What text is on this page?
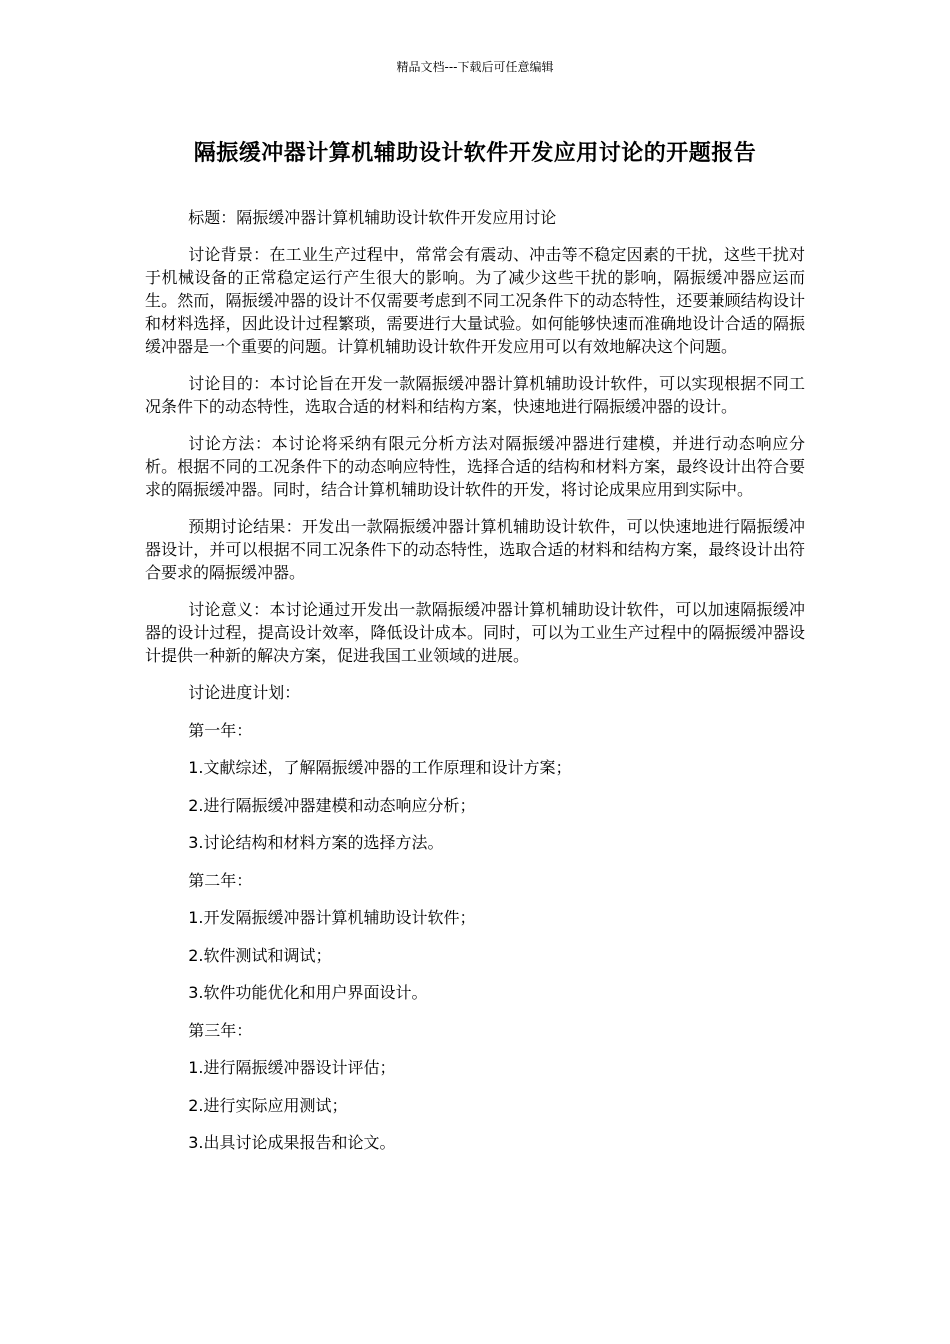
精品文档---下载后可任意编辑
隔振缓冲器计算机辅助设计软件开发应用讨论的开题报告

标题：隔振缓冲器计算机辅助设计软件开发应用讨论

讨论背景：在工业生产过程中，常常会有震动、冲击等不稳定因素的干扰，这些干扰对于机械设备的正常稳定运行产生很大的影响。为了减少这些干扰的影响，隔振缓冲器应运而生。然而，隔振缓冲器的设计不仅需要考虑到不同工况条件下的动态特性，还要兼顾结构设计和材料选择，因此设计过程繁琐，需要进行大量试验。如何能够快速而准确地设计合适的隔振缓冲器是一个重要的问题。计算机辅助设计软件开发应用可以有效地解决这个问题。

讨论目的：本讨论旨在开发一款隔振缓冲器计算机辅助设计软件，可以实现根据不同工况条件下的动态特性，选取合适的材料和结构方案，快速地进行隔振缓冲器的设计。

讨论方法：本讨论将采纳有限元分析方法对隔振缓冲器进行建模，并进行动态响应分析。根据不同的工况条件下的动态响应特性，选择合适的结构和材料方案，最终设计出符合要求的隔振缓冲器。同时，结合计算机辅助设计软件的开发，将讨论成果应用到实际中。

预期讨论结果：开发出一款隔振缓冲器计算机辅助设计软件，可以快速地进行隔振缓冲器设计，并可以根据不同工况条件下的动态特性，选取合适的材料和结构方案，最终设计出符合要求的隔振缓冲器。

讨论意义：本讨论通过开发出一款隔振缓冲器计算机辅助设计软件，可以加速隔振缓冲器的设计过程，提高设计效率，降低设计成本。同时，可以为工业生产过程中的隔振缓冲器设计提供一种新的解决方案，促进我国工业领域的进展。

讨论进度计划：

第一年：

1.文献综述，了解隔振缓冲器的工作原理和设计方案；

2.进行隔振缓冲器建模和动态响应分析；

3.讨论结构和材料方案的选择方法。

第二年：

1.开发隔振缓冲器计算机辅助设计软件；

2.软件测试和调试；

3.软件功能优化和用户界面设计。

第三年：

1.进行隔振缓冲器设计评估；

2.进行实际应用测试；

3.出具讨论成果报告和论文。
